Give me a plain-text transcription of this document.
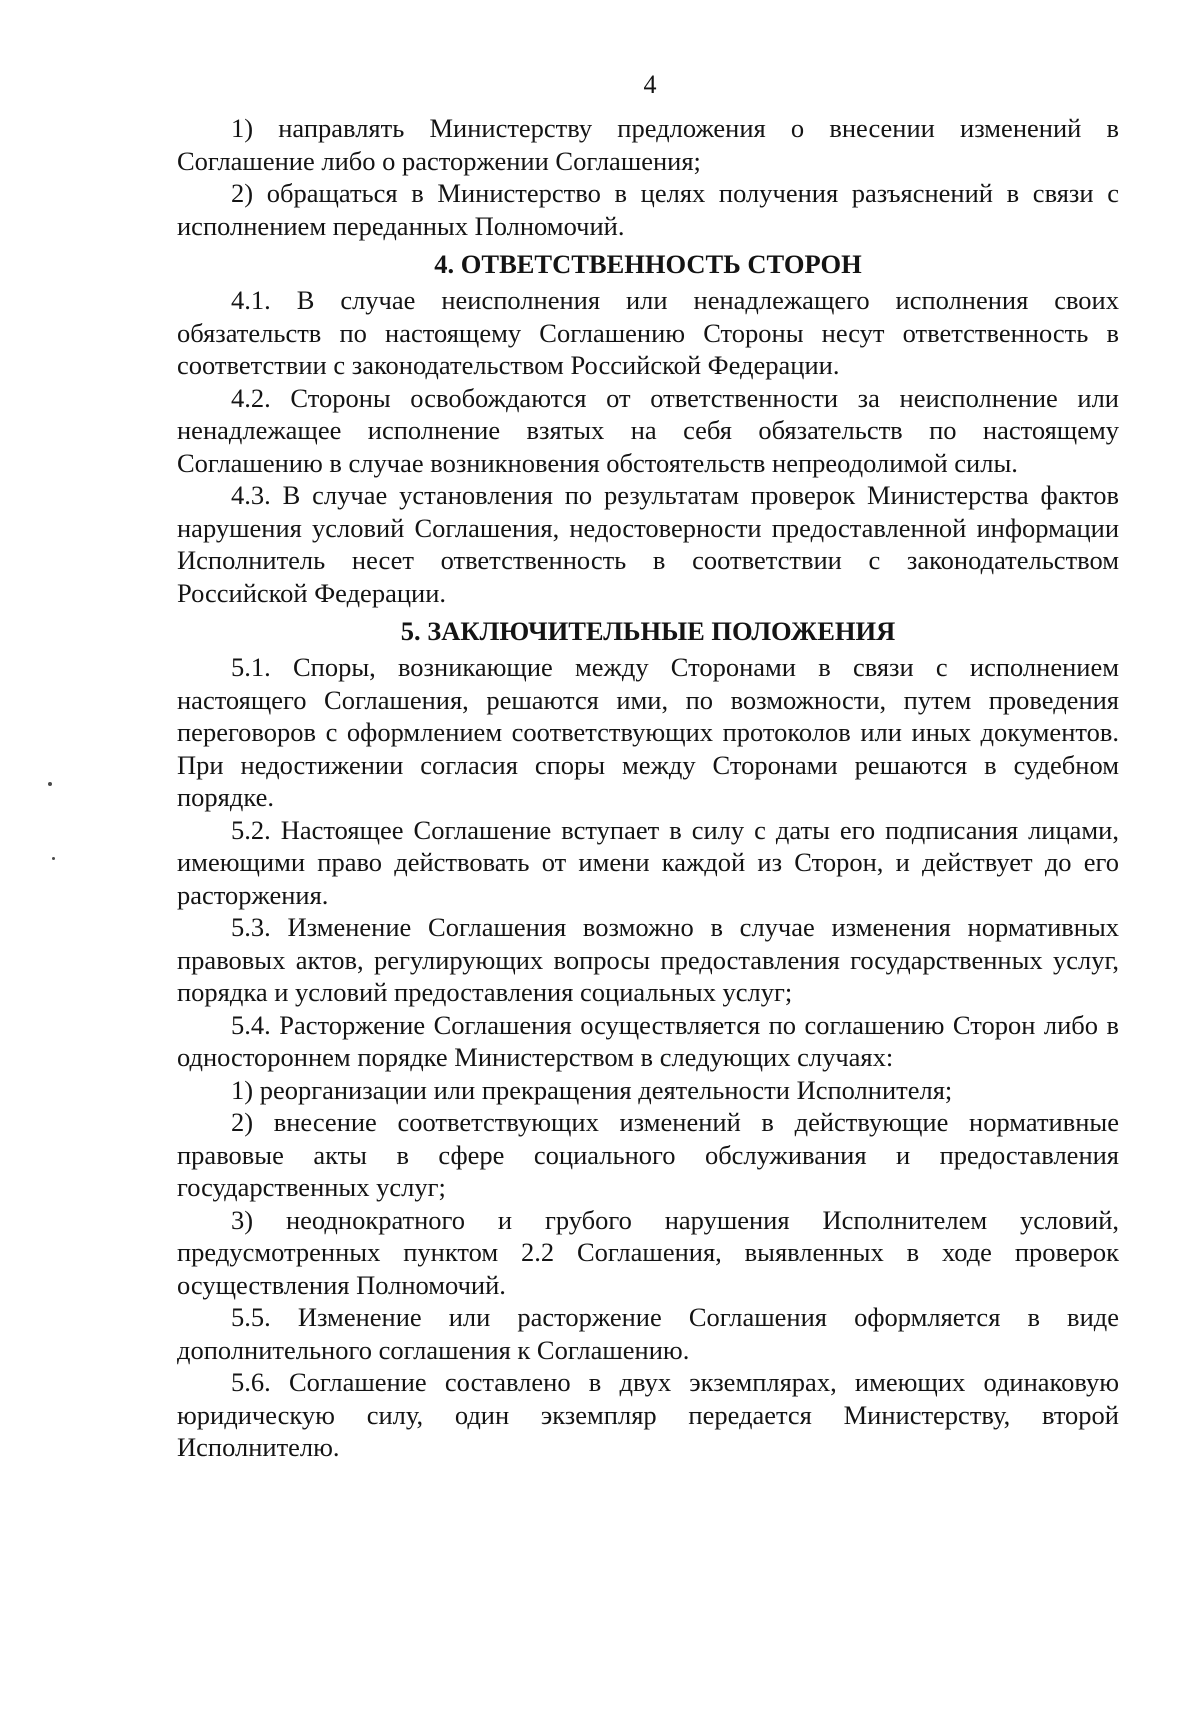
4

1) направлять Министерству предложения о внесении изменений в Соглашение либо о расторжении Соглашения;

2) обращаться в Министерство в целях получения разъяснений в связи с исполнением переданных Полномочий.

4. ОТВЕТСТВЕННОСТЬ СТОРОН

4.1. В случае неисполнения или ненадлежащего исполнения своих обязательств по настоящему Соглашению Стороны несут ответственность в соответствии с законодательством Российской Федерации.

4.2. Стороны освобождаются от ответственности за неисполнение или ненадлежащее исполнение взятых на себя обязательств по настоящему Соглашению в случае возникновения обстоятельств непреодолимой силы.

4.3. В случае установления по результатам проверок Министерства фактов нарушения условий Соглашения, недостоверности предоставленной информации Исполнитель несет ответственность в соответствии с законодательством Российской Федерации.

5. ЗАКЛЮЧИТЕЛЬНЫЕ ПОЛОЖЕНИЯ

5.1. Споры, возникающие между Сторонами в связи с исполнением настоящего Соглашения, решаются ими, по возможности, путем проведения переговоров с оформлением соответствующих протоколов или иных документов. При недостижении согласия споры между Сторонами решаются в судебном порядке.

5.2. Настоящее Соглашение вступает в силу с даты его подписания лицами, имеющими право действовать от имени каждой из Сторон, и действует до его расторжения.

5.3. Изменение Соглашения возможно в случае изменения нормативных правовых актов, регулирующих вопросы предоставления государственных услуг, порядка и условий предоставления социальных услуг;

5.4. Расторжение Соглашения осуществляется по соглашению Сторон либо в одностороннем порядке Министерством в следующих случаях:

1) реорганизации или прекращения деятельности Исполнителя;

2) внесение соответствующих изменений в действующие нормативные правовые акты в сфере социального обслуживания и предоставления государственных услуг;

3) неоднократного и грубого нарушения Исполнителем условий, предусмотренных пунктом 2.2 Соглашения, выявленных в ходе проверок осуществления Полномочий.

5.5. Изменение или расторжение Соглашения оформляется в виде дополнительного соглашения к Соглашению.

5.6. Соглашение составлено в двух экземплярах, имеющих одинаковую юридическую силу, один экземпляр передается Министерству, второй Исполнителю.
